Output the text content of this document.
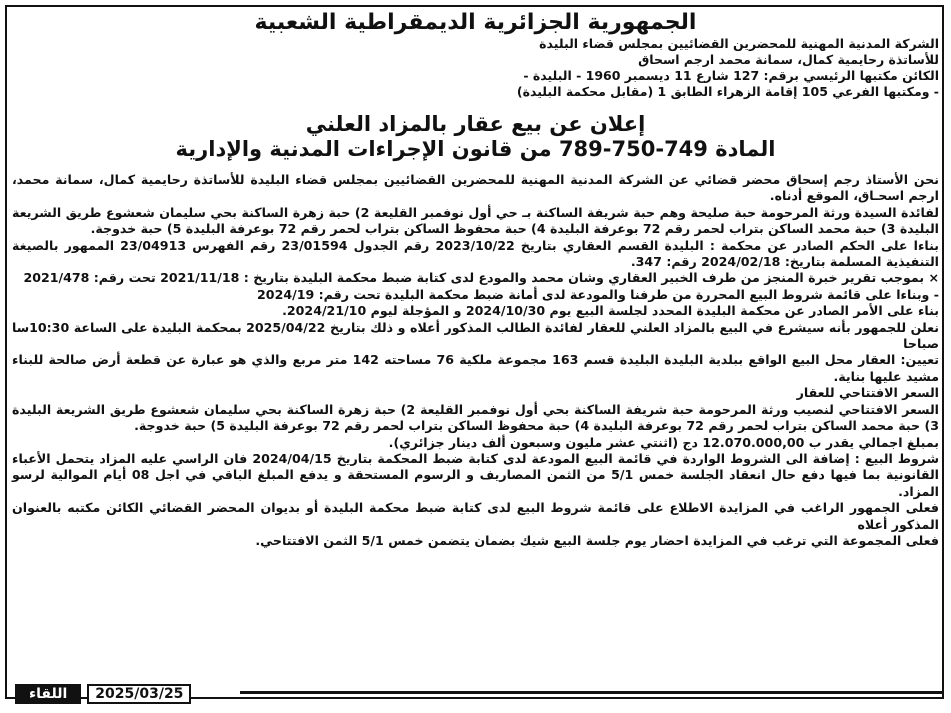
الجمهورية الجزائرية الديمقراطية الشعبية
الشركة المدنية المهنية للمحضرين القضائيين بمجلس قضاء البليدة
للأساتذة رحايمية كمال، سمانة محمد ارجم اسحاق
الكائن مكتبها الرئيسي برقم: 127 شارع 11 ديسمبر 1960 - البليدة -
- ومكتبها الفرعي 105 إقامة الزهراء الطابق 1 (مقابل محكمة البليدة)
إعلان عن بيع عقار بالمزاد العلني
المادة 749-750-789 من قانون الإجراءات المدنية والإدارية

نحن الأستاذ رجم إسحاق محضر قضائي عن الشركة المدنية المهنية للمحضرين القضائيين بمجلس قضاء البليدة للأساتذة رحايمية كمال، سمانة محمد، ارجم اسحـاق، الموقع أدناه.

لفائدة السيدة ورثة المرحومة حبة صليحة وهم حبة شريفة الساكنة بـ حي أول نوفمبر القليعة 2) حبة زهرة الساكنة بحي سليمان شعشوع طريق الشريعة البليدة 3) حبة محمد الساكن بتراب لحمر رقم 72 بوعرفة البليدة 4) حبة محفوظ الساكن بتراب لحمر رقم 72 بوعرفة البليدة 5) حبة خدوجة.

بناءا على الحكم الصادر عن محكمة : البليدة القسم العقاري بتاريخ 2023/10/22 رقم الجدول 23/01594 رقم الفهرس 23/04913 الممهور بالصيغة التنفيذية المسلمة بتاريخ: 2024/02/18 رقم: 347.

× بموجب تقرير خبرة المنجز من طرف الخبير العقاري وشان محمد والمودع لدى كتابة ضبط محكمة البليدة بتاريخ : 2021/11/18 تحت رقم: 2021/478

- وبناءا على قائمة شروط البيع المحررة من طرفنا والمودعة لدى أمانة ضبط محكمة البليدة تحت رقم: 2024/19

بناء على الأمر الصادر عن محكمة البليدة المحدد لجلسة البيع يوم 2024/10/30 و المؤجلة ليوم 2024/21/10.

نعلن للجمهور بأنه سيشرع في البيع بالمزاد العلني للعقار لفائدة الطالب المذكور أعلاه و ذلك بتاريخ 2025/04/22 بمحكمة البليدة على الساعة 10:30سا صباحا

تعيين: العقار محل البيع الواقع ببلدية البليدة البليدة قسم 163 مجموعة ملكية 76 مساحته 142 متر مربع والذي هو عبارة عن قطعة أرض صالحة للبناء مشيد عليها بناية.

السعر الافتتاحي للعقار

السعر الافتتاحي لنصيب ورثة المرحومة حبة شريفة الساكنة بحي أول نوفمبر القليعة 2) حبة زهرة الساكنة بحي سليمان شعشوع طريق الشريعة البليدة 3) حبة محمد الساكن بتراب لحمر رقم 72 بوعرفة البليدة 4) حبة محفوظ الساكن بتراب لحمر رقم 72 بوعرفة البليدة 5) حبة خدوجة.

بمبلغ اجمالي يقدر ب 12.070.000,00 دج (اثنتي عشر مليون وسبعون ألف دينار جزائري).

شروط البيع : إضافة الى الشروط الواردة في قائمة البيع المودعة لدى كتابة ضبط المحكمة بتاريخ 2024/04/15 فان الراسي عليه المزاد يتحمل الأعباء القانونية بما فيها دفع حال انعقاد الجلسة خمس 5/1 من الثمن المصاريف و الرسوم المستحقة و يدفع المبلغ الباقي في اجل 08 أيام الموالية لرسو المزاد.

فعلى الجمهور الراغب في المزايدة الاطلاع على قائمة شروط البيع لدى كتابة ضبط محكمة البليدة أو بديوان المحضر القضائي الكائن مكتبه بالعنوان المذكور أعلاه

فعلى المجموعة التي ترغب في المزايدة احضار يوم جلسة البيع شيك بضمان يتضمن خمس 5/1 الثمن الافتتاحي.

اللقاء	2025/03/25
